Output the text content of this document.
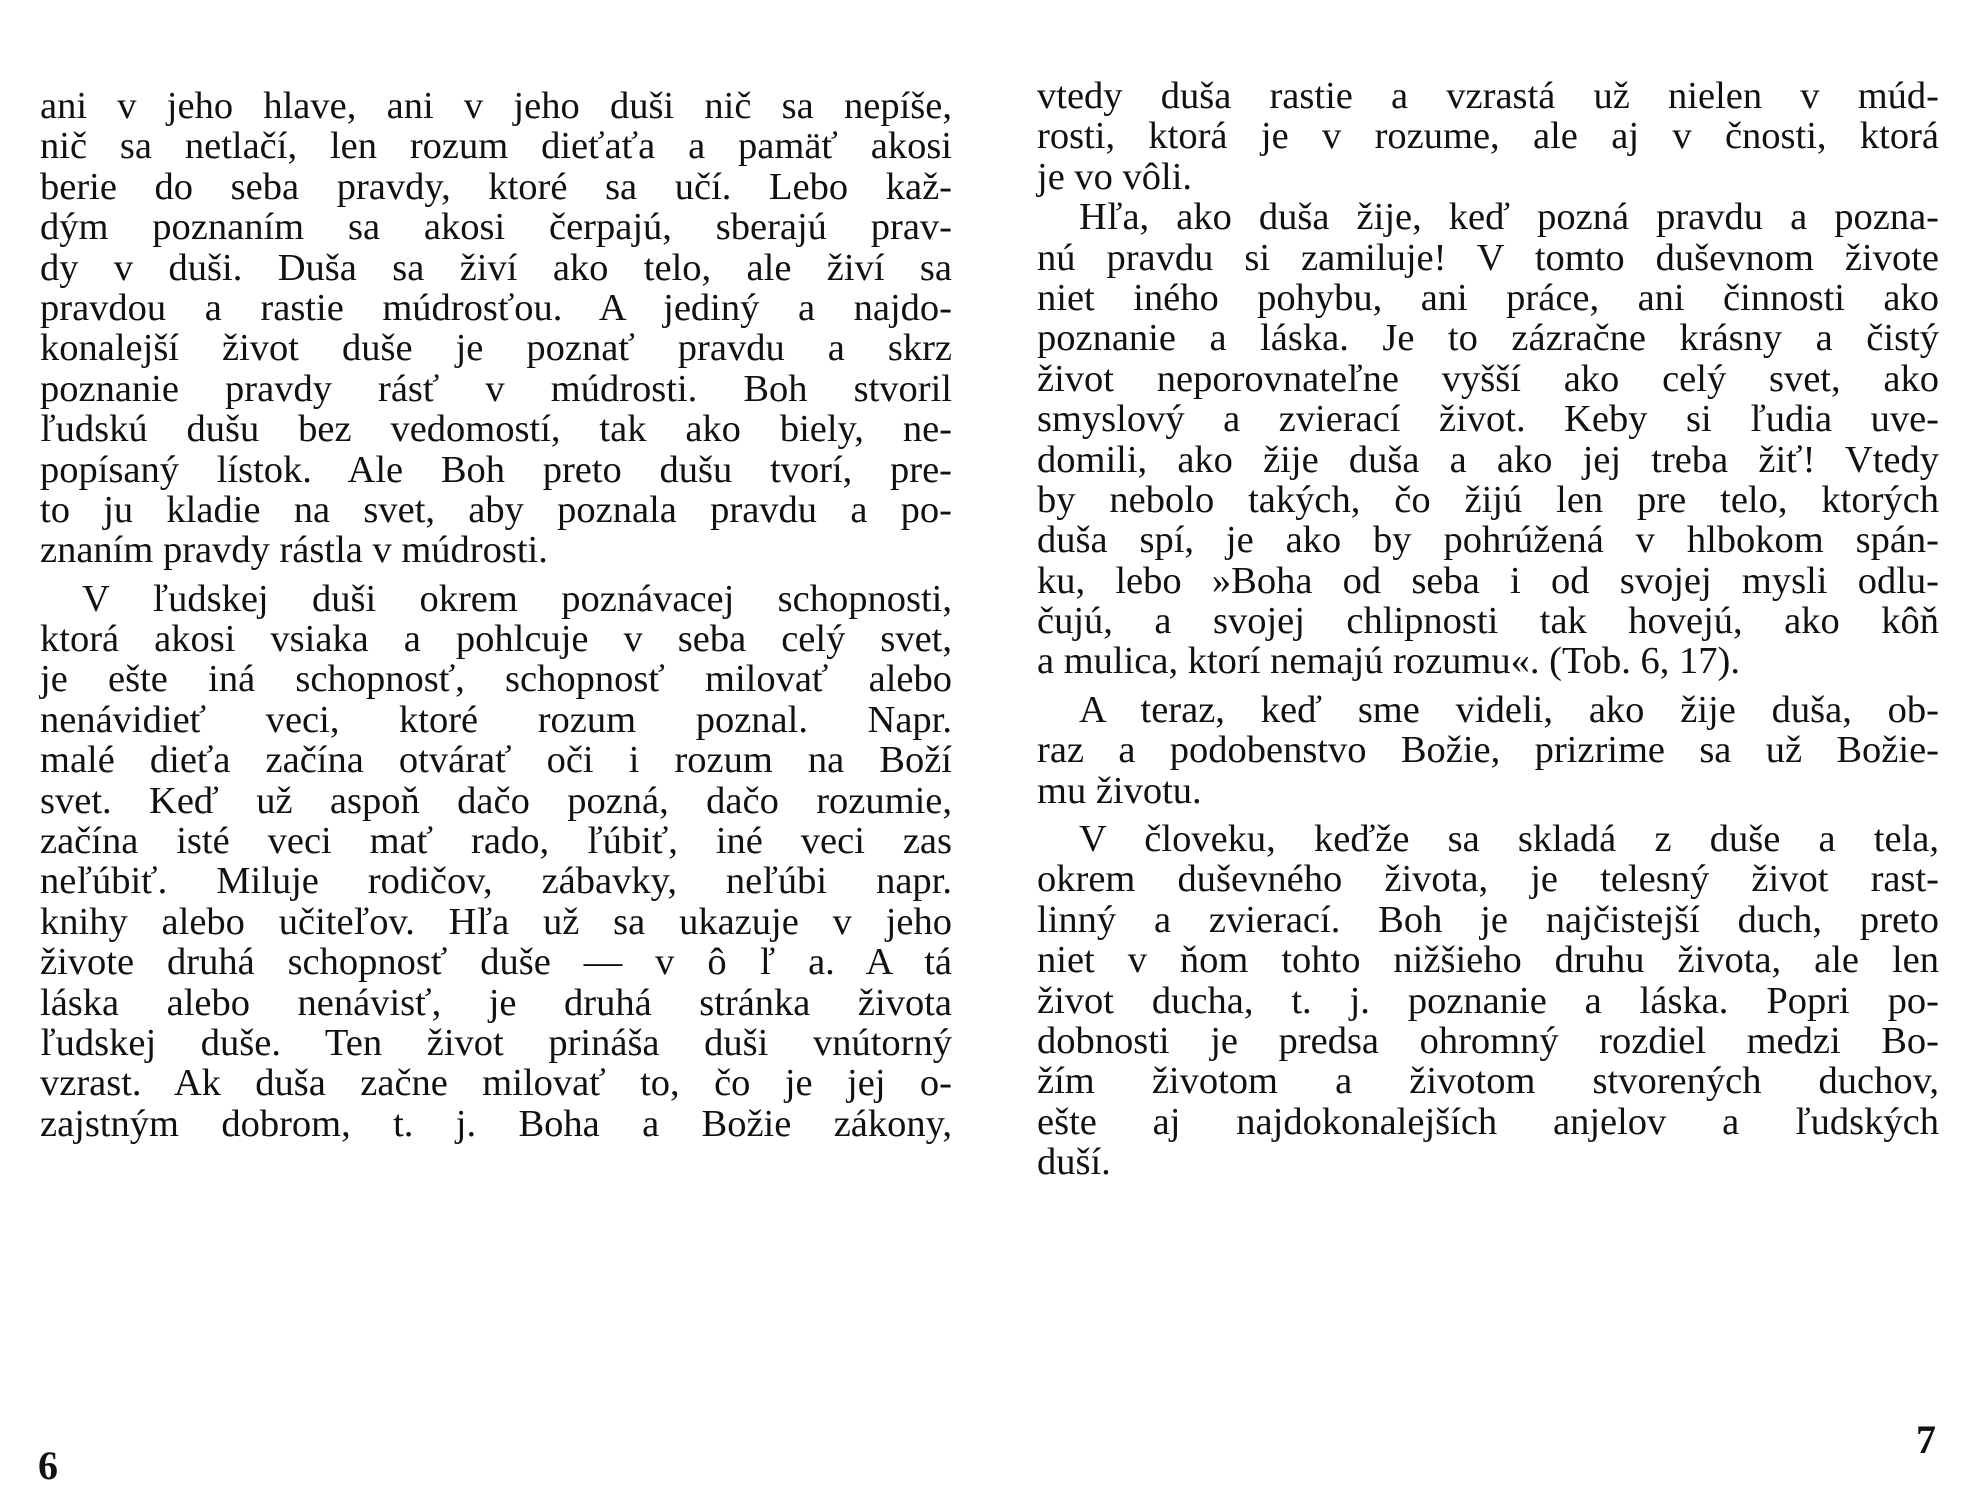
ani v jeho hlave, ani v jeho duši nič sa nepíše,
nič sa netlačí, len rozum dieťaťa a pamäť akosi
berie do seba pravdy, ktoré sa učí. Lebo kaž-
dým poznaním sa akosi čerpajú, sberajú prav-
dy v duši. Duša sa živí ako telo, ale živí sa
pravdou a rastie múdrosťou. A jediný a najdo-
konalejší život duše je poznať pravdu a skrz
poznanie pravdy rásť v múdrosti. Boh stvoril
ľudskú dušu bez vedomostí, tak ako biely, ne-
popísaný lístok. Ale Boh preto dušu tvorí, pre-
to ju kladie na svet, aby poznala pravdu a po-
znaním pravdy rástla v múdrosti.
V ľudskej duši okrem poznávacej schopnosti,
ktorá akosi vsiaka a pohlcuje v seba celý svet,
je ešte iná schopnosť, schopnosť milovať alebo
nenávidieť veci, ktoré rozum poznal. Napr.
malé dieťa začína otvárať oči i rozum na Boží
svet. Keď už aspoň dačo pozná, dačo rozumie,
začína isté veci mať rado, ľúbiť, iné veci zas
neľúbiť. Miluje rodičov, zábavky, neľúbi napr.
knihy alebo učiteľov. Hľa už sa ukazuje v jeho
živote druhá schopnosť duše — v ô ľ a. A tá
láska alebo nenávisť, je druhá stránka života
ľudskej duše. Ten život prináša duši vnútorný
vzrast. Ak duša začne milovať to, čo je jej o-
zajstným dobrom, t. j. Boha a Božie zákony,
6
vtedy duša rastie a vzrastá už nielen v múd-
rosti, ktorá je v rozume, ale aj v čnosti, ktorá
je vo vôli.
Hľa, ako duša žije, keď pozná pravdu a pozna-
nú pravdu si zamiluje! V tomto duševnom živote
niet iného pohybu, ani práce, ani činnosti ako
poznanie a láska. Je to zázračne krásny a čistý
život neporovnateľne vyšší ako celý svet, ako
smyslový a zvierací život. Keby si ľudia uve-
domili, ako žije duša a ako jej treba žiť! Vtedy
by nebolo takých, čo žijú len pre telo, ktorých
duša spí, je ako by pohrúžená v hlbokom spán-
ku, lebo »Boha od seba i od svojej mysli odlu-
čujú, a svojej chlipnosti tak hovejú, ako kôň
a mulica, ktorí nemajú rozumu«. (Tob. 6, 17).
A teraz, keď sme videli, ako žije duša, ob-
raz a podobenstvo Božie, prizrime sa už Božie-
mu životu.
V človeku, keďže sa skladá z duše a tela,
okrem duševného života, je telesný život rast-
linný a zvierací. Boh je najčistejší duch, preto
niet v ňom tohto nižšieho druhu života, ale len
život ducha, t. j. poznanie a láska. Popri po-
dobnosti je predsa ohromný rozdiel medzi Bo-
žím životom a životom stvorených duchov,
ešte aj najdokonalejších anjelov a ľudských
duší.
7
